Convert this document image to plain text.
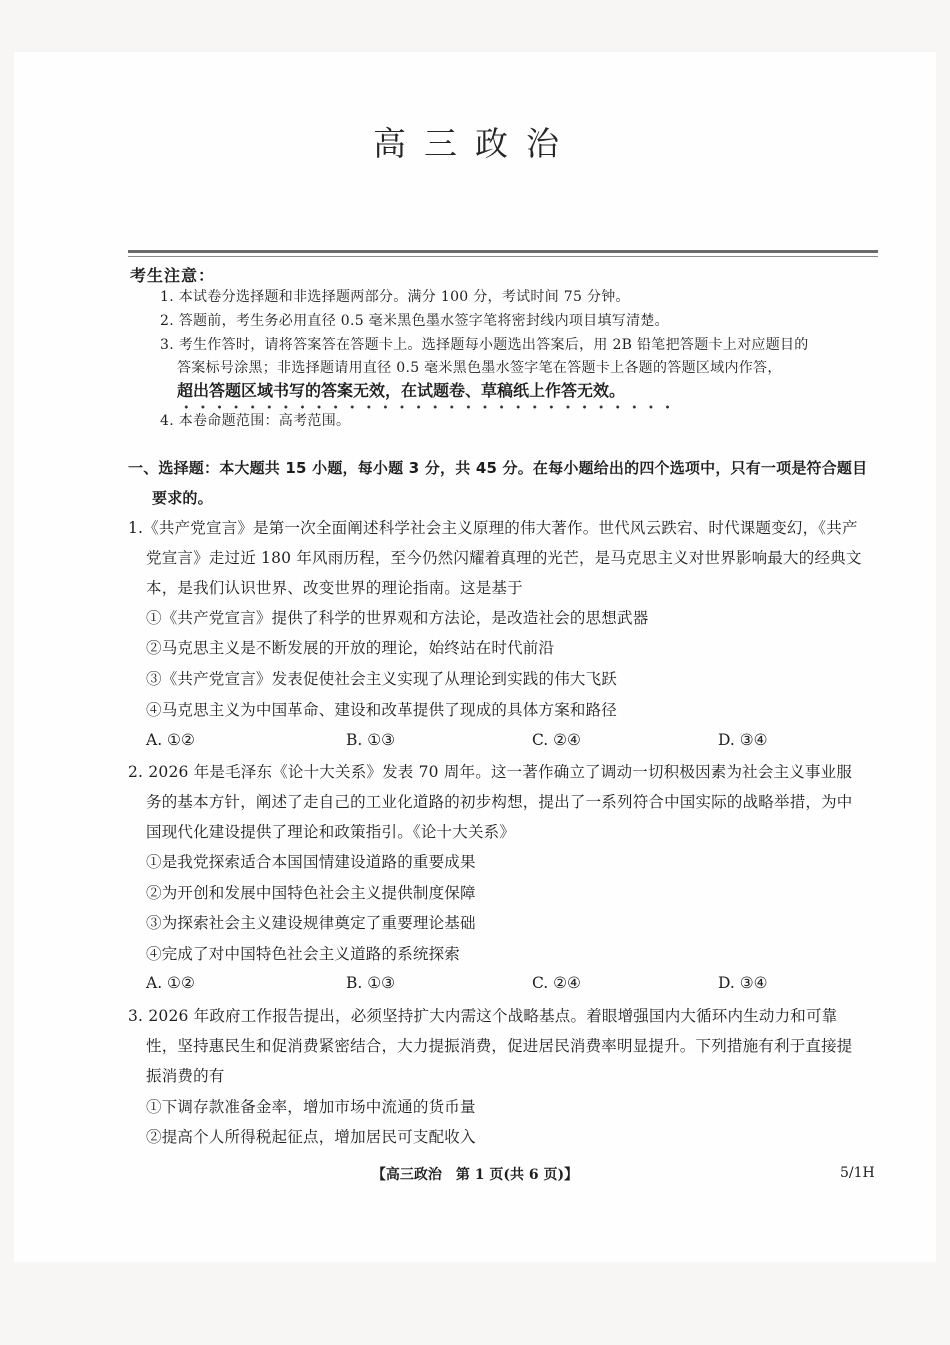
高三政治
考生注意：
1. 本试卷分选择题和非选择题两部分。满分 100 分，考试时间 75 分钟。
2. 答题前，考生务必用直径 0.5 毫米黑色墨水签字笔将密封线内项目填写清楚。
3. 考生作答时，请将答案答在答题卡上。选择题每小题选出答案后，用 2B 铅笔把答题卡上对应题目的
答案标号涂黑；非选择题请用直径 0.5 毫米黑色墨水签字笔在答题卡上各题的答题区域内作答，
超出答题区域书写的答案无效，在试题卷、草稿纸上作答无效。
4. 本卷命题范围：高考范围。
一、选择题：本大题共 15 小题，每小题 3 分，共 45 分。在每小题给出的四个选项中，只有一项是符合题目
要求的。
1.《共产党宣言》是第一次全面阐述科学社会主义原理的伟大著作。世代风云跌宕、时代课题变幻，《共产
党宣言》走过近 180 年风雨历程，至今仍然闪耀着真理的光芒，是马克思主义对世界影响最大的经典文
本，是我们认识世界、改变世界的理论指南。这是基于
①《共产党宣言》提供了科学的世界观和方法论，是改造社会的思想武器
②马克思主义是不断发展的开放的理论，始终站在时代前沿
③《共产党宣言》发表促使社会主义实现了从理论到实践的伟大飞跃
④马克思主义为中国革命、建设和改革提供了现成的具体方案和路径
A. ①②	B. ①③	C. ②④	D. ③④
2. 2026 年是毛泽东《论十大关系》发表 70 周年。这一著作确立了调动一切积极因素为社会主义事业服
务的基本方针，阐述了走自己的工业化道路的初步构想，提出了一系列符合中国实际的战略举措，为中
国现代化建设提供了理论和政策指引。《论十大关系》
①是我党探索适合本国国情建设道路的重要成果
②为开创和发展中国特色社会主义提供制度保障
③为探索社会主义建设规律奠定了重要理论基础
④完成了对中国特色社会主义道路的系统探索
A. ①②	B. ①③	C. ②④	D. ③④
3. 2026 年政府工作报告提出，必须坚持扩大内需这个战略基点。着眼增强国内大循环内生动力和可靠
性，坚持惠民生和促消费紧密结合，大力提振消费，促进居民消费率明显提升。下列措施有利于直接提
振消费的有
①下调存款准备金率，增加市场中流通的货币量
②提高个人所得税起征点，增加居民可支配收入
【高三政治　第 1 页(共 6 页)】	5/1H
